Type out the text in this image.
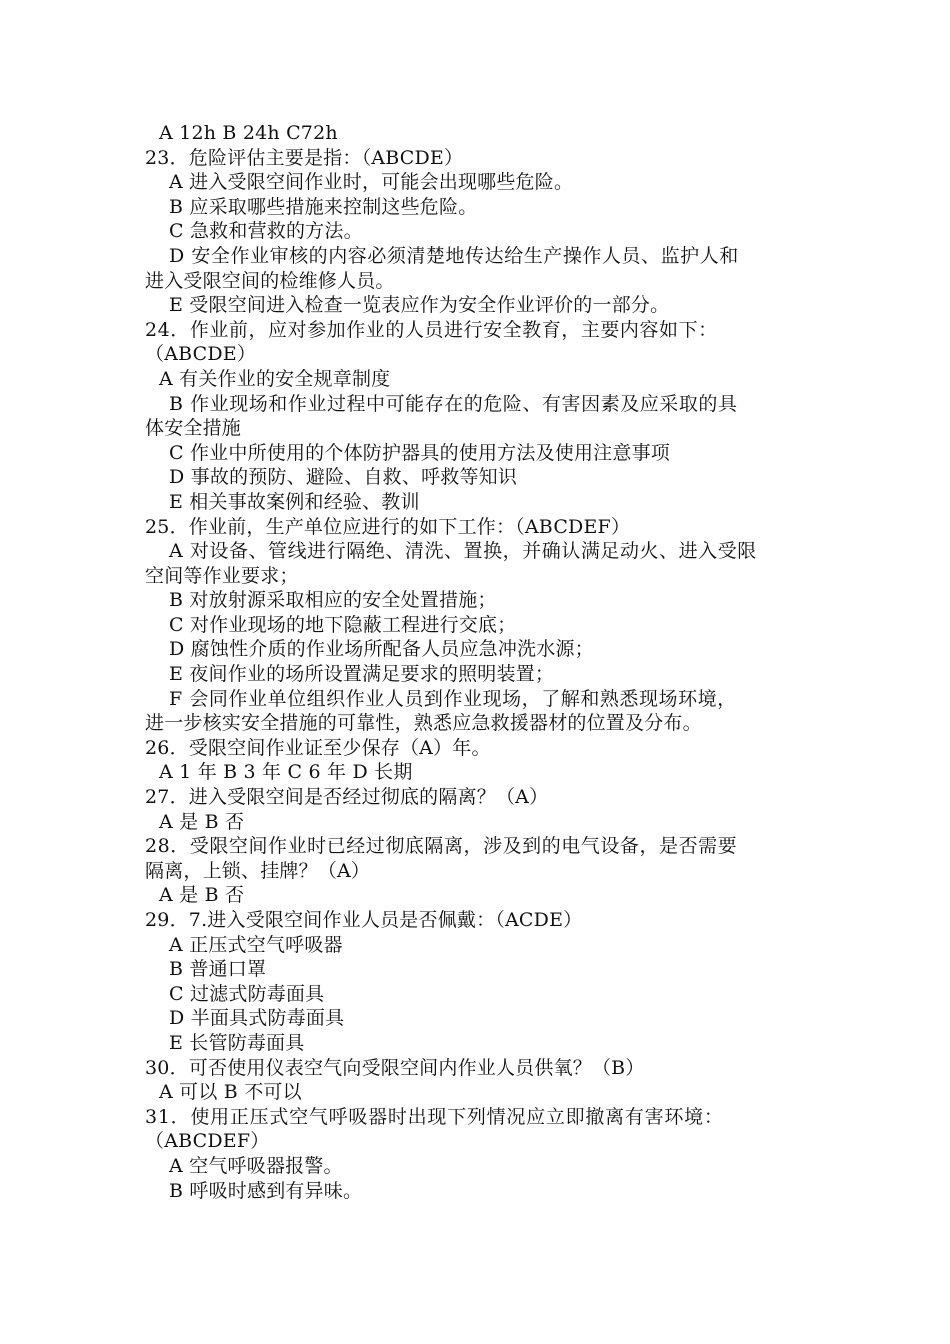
A 12h B 24h C72h
23．危险评估主要是指：（ABCDE）
A 进入受限空间作业时，可能会出现哪些危险。
B 应采取哪些措施来控制这些危险。
C 急救和营救的方法。
D 安全作业审核的内容必须清楚地传达给生产操作人员、监护人和
进入受限空间的检维修人员。
E 受限空间进入检查一览表应作为安全作业评价的一部分。
24．作业前，应对参加作业的人员进行安全教育，主要内容如下：
（ABCDE）
A 有关作业的安全规章制度
B 作业现场和作业过程中可能存在的危险、有害因素及应采取的具
体安全措施
C 作业中所使用的个体防护器具的使用方法及使用注意事项
D 事故的预防、避险、自救、呼救等知识
E 相关事故案例和经验、教训
25．作业前，生产单位应进行的如下工作：（ABCDEF）
A 对设备、管线进行隔绝、清洗、置换，并确认满足动火、进入受限
空间等作业要求；
B 对放射源采取相应的安全处置措施；
C 对作业现场的地下隐蔽工程进行交底；
D 腐蚀性介质的作业场所配备人员应急冲洗水源；
E 夜间作业的场所设置满足要求的照明装置；
F 会同作业单位组织作业人员到作业现场，了解和熟悉现场环境，
进一步核实安全措施的可靠性，熟悉应急救援器材的位置及分布。
26．受限空间作业证至少保存（A）年。
A 1 年 B 3 年 C 6 年 D 长期
27．进入受限空间是否经过彻底的隔离？（A）
A 是 B 否
28．受限空间作业时已经过彻底隔离，涉及到的电气设备，是否需要
隔离，上锁、挂牌？（A）
A 是 B 否
29．7.进入受限空间作业人员是否佩戴：（ACDE）
A 正压式空气呼吸器
B 普通口罩
C 过滤式防毒面具
D 半面具式防毒面具
E 长管防毒面具
30．可否使用仪表空气向受限空间内作业人员供氧？（B）
A 可以 B 不可以
31．使用正压式空气呼吸器时出现下列情况应立即撤离有害环境：
（ABCDEF）
A 空气呼吸器报警。
B 呼吸时感到有异味。
